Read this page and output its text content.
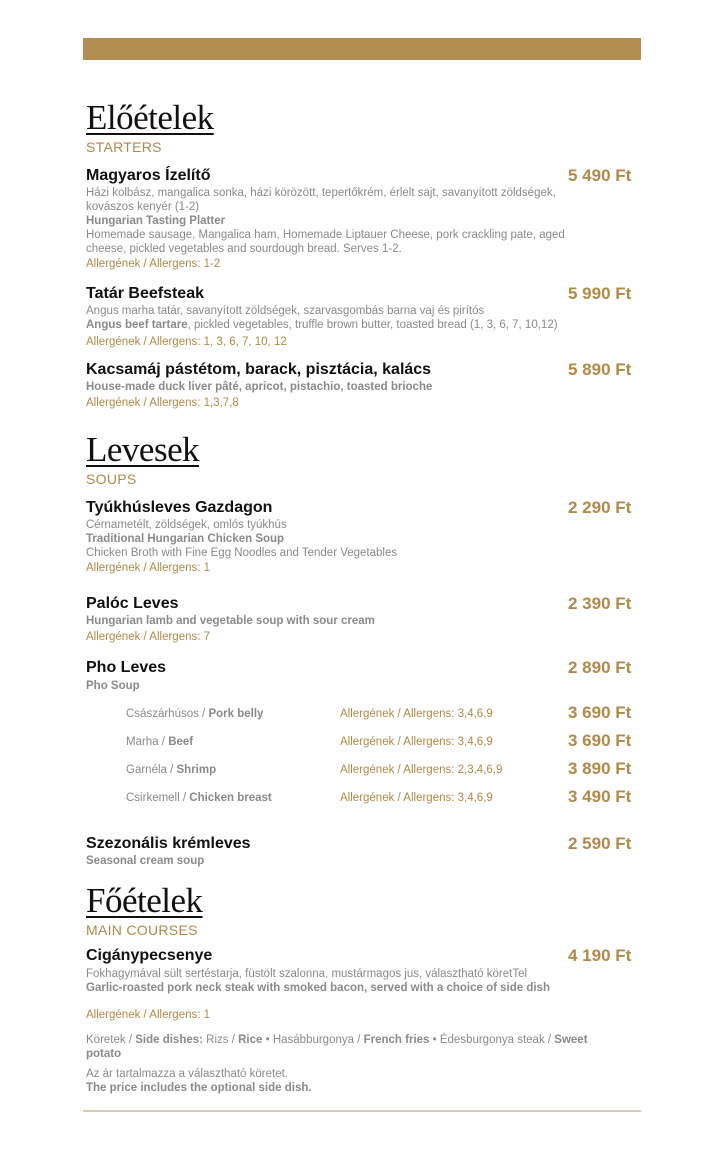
Előételek
STARTERS
Magyaros Ízelítő	5 490 Ft
Házi kolbász, mangalica sonka, házi körözött, tepertőkrém, érlelt sajt, savanyított zöldségek, kovászos kenyér (1-2)
Hungarian Tasting Platter
Homemade sausage, Mangalica ham, Homemade Liptauer Cheese, pork crackling pate, aged cheese, pickled vegetables and sourdough bread. Serves 1-2.
Allergének / Allergens: 1-2
Tatár Beefsteak	5 990 Ft
Angus marha tatár, savanyított zöldségek, szarvasgombás barna vaj és pirítós
Angus beef tartare, pickled vegetables, truffle brown butter, toasted bread (1, 3, 6, 7, 10,12)
Allergének / Allergens: 1, 3, 6, 7, 10, 12
Kacsamáj pástétom, barack, pisztácia, kalács	5 890 Ft
House-made duck liver pâté, apricot, pistachio, toasted brioche
Allergének / Allergens: 1,3,7,8
Levesek
SOUPS
Tyúkhúsleves Gazdagon	2 290 Ft
Cérnametélt, zöldségek, omlós tyúkhús
Traditional Hungarian Chicken Soup
Chicken Broth with Fine Egg Noodles and Tender Vegetables
Allergének / Allergens: 1
Palóc Leves	2 390 Ft
Hungarian lamb and vegetable soup with sour cream
Allergének / Allergens: 7
Pho Leves	2 890 Ft
Pho Soup
Császárhúsos / Pork belly	Allergének / Allergens: 3,4,6,9	3 690 Ft
Marha / Beef	Allergének / Allergens: 3,4,6,9	3 690 Ft
Garnéla / Shrimp	Allergének / Allergens: 2,3,4,6,9	3 890 Ft
Csirkemell / Chicken breast	Allergének / Allergens: 3,4,6,9	3 490 Ft
Szezonális krémleves	2 590 Ft
Seasonal cream soup
Főételek
MAIN COURSES
Cigánypecsenye	4 190 Ft
Fokhagymával sült sertéstarja, füstölt szalonna, mustármagos jus, választható köretTel
Garlic-roasted pork neck steak with smoked bacon, served with a choice of side dish
Allergének / Allergens: 1
Köretek / Side dishes: Rizs / Rice • Hasábburgonya / French fries • Édesburgonya steak / Sweet potato
Az ár tartalmazza a választható köretet.
The price includes the optional side dish.
